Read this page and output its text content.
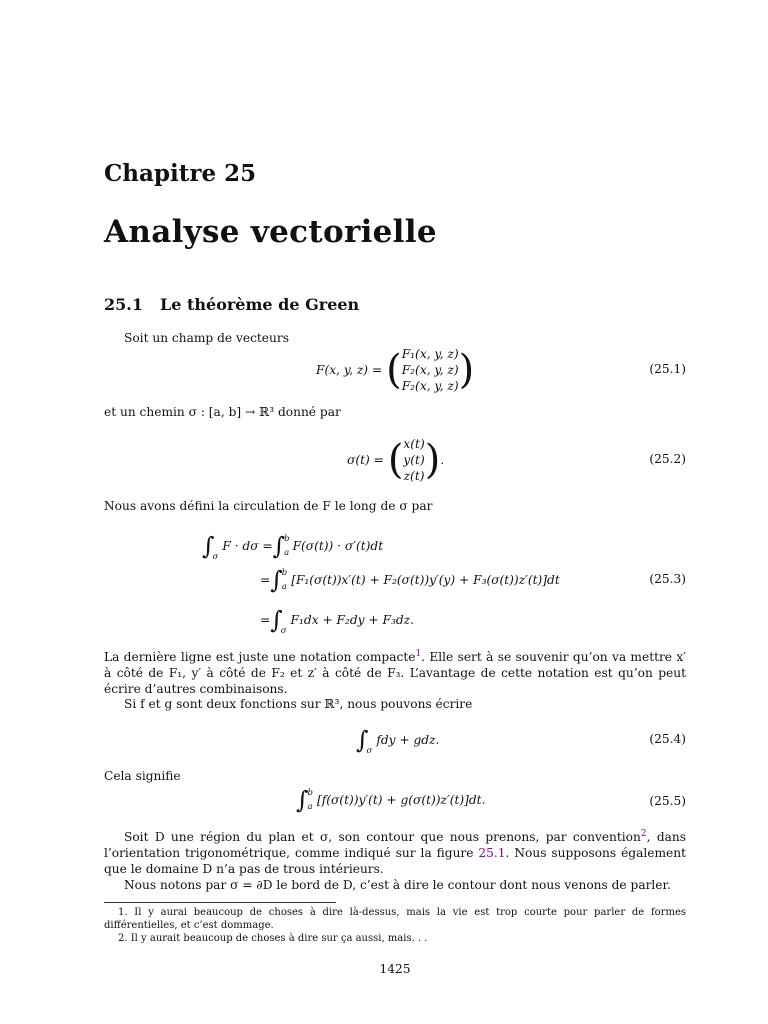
Chapitre 25
Analyse vectorielle
25.1 Le théorème de Green
Soit un champ de vecteurs
F(x, y, z) = ( F₁(x, y, z)
F₂(x, y, z)
F₂(x, y, z) )	(25.1)
et un chemin σ : [a, b] → ℝ³ donné par
σ(t) = ( x(t)
y(t)
z(t) ) .	(25.2)
Nous avons défini la circulation de F le long de σ par
∫
σ
F · dσ = ∫ b
a F(σ(t)) · σ′(t)dt
= ∫ b
a [F₁(σ(t))x′(t) + F₂(σ(t))y′(y) + F₃(σ(t))z′(t)]dt	(25.3)
= ∫
σ
F₁dx + F₂dy + F₃dz.
La dernière ligne est juste une notation compacte$^1$. Elle sert à se souvenir qu’on va mettre x′ à côté de F₁, y′ à côté de F₂ et z′ à côté de F₃. L’avantage de cette notation est qu’on peut écrire d’autres combinaisons.
Si f et g sont deux fonctions sur ℝ³, nous pouvons écrire
∫
σ
fdy + gdz.	(25.4)
Cela signifie
∫ b
a [f(σ(t))y′(t) + g(σ(t))z′(t)]dt.	(25.5)
Soit D une région du plan et σ, son contour que nous prenons, par convention$^2$, dans l’orientation trigonométrique, comme indiqué sur la figure 25.1. Nous supposons également que le domaine D n’a pas de trous intérieurs.
Nous notons par σ = ∂D le bord de D, c’est à dire le contour dont nous venons de parler.
1. Il y aurai beaucoup de choses à dire là-dessus, mais la vie est trop courte pour parler de formes différentielles, et c’est dommage.
2. Il y aurait beaucoup de choses à dire sur ça aussi, mais. . .
1425
